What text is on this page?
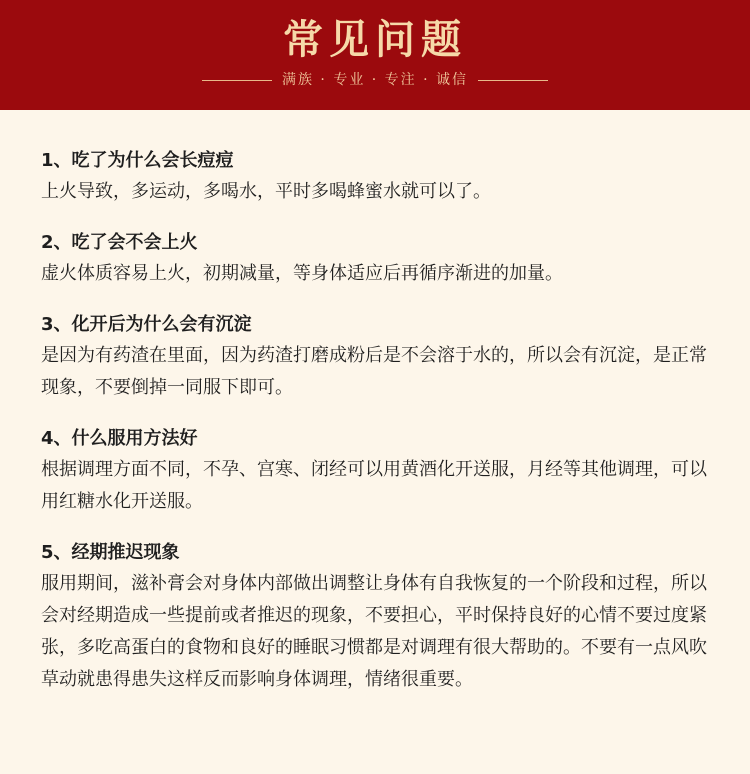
常见问题
满族 · 专业 · 专注 · 诚信
1、吃了为什么会长痘痘
上火导致，多运动，多喝水，平时多喝蜂蜜水就可以了。
2、吃了会不会上火
虚火体质容易上火，初期减量，等身体适应后再循序渐进的加量。
3、化开后为什么会有沉淀
是因为有药渣在里面，因为药渣打磨成粉后是不会溶于水的，所以会有沉淀，是正常现象，不要倒掉一同服下即可。
4、什么服用方法好
根据调理方面不同，不孕、宫寒、闭经可以用黄酒化开送服，月经等其他调理，可以用红糖水化开送服。
5、经期推迟现象
服用期间，滋补膏会对身体内部做出调整让身体有自我恢复的一个阶段和过程，所以会对经期造成一些提前或者推迟的现象，不要担心，平时保持良好的心情不要过度紧张，多吃高蛋白的食物和良好的睡眠习惯都是对调理有很大帮助的。不要有一点风吹草动就患得患失这样反而影响身体调理，情绪很重要。
